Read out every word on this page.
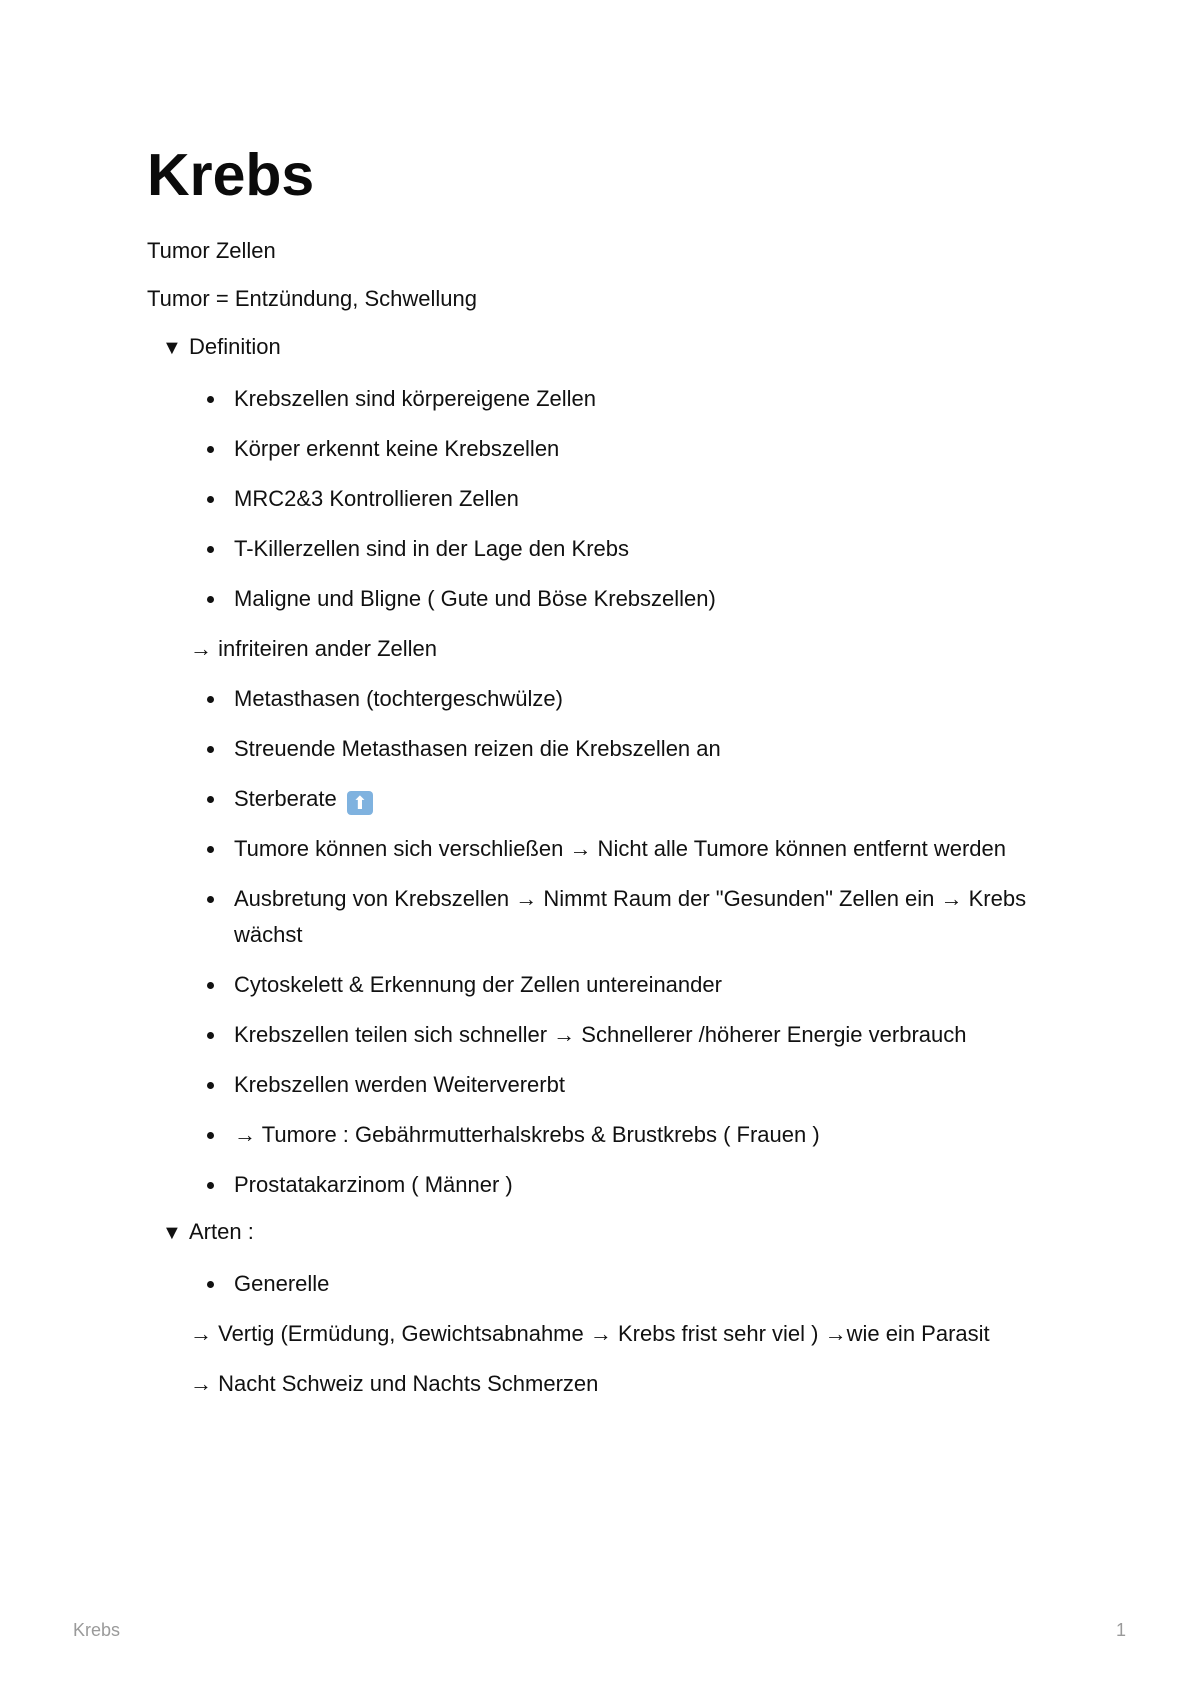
Krebs

Tumor Zellen

Tumor = Entzündung, Schwellung

▼ Definition
Krebszellen sind körpereigene Zellen
Körper erkennt keine Krebszellen
MRC2&3 Kontrollieren Zellen
T-Killerzellen sind in der Lage den Krebs
Maligne und Bligne ( Gute und Böse Krebszellen)

→ infriteiren ander Zellen

Metasthasen (tochtergeschwülze)
Streuende Metasthasen reizen die Krebszellen an
Sterberate ⬆
Tumore können sich verschließen → Nicht alle Tumore können entfernt werden
Ausbretung von Krebszellen → Nimmt Raum der "Gesunden" Zellen ein → Krebs wächst
Cytoskelett & Erkennung der Zellen untereinander
Krebszellen teilen sich schneller → Schnellerer /höherer Energie verbrauch
Krebszellen werden Weitervererbt
→ Tumore : Gebährmutterhalskrebs & Brustkrebs ( Frauen )
Prostatakarzinom ( Männer )
▼ Arten :
Generelle

→ Vertig (Ermüdung, Gewichtsabnahme → Krebs frist sehr viel ) →wie ein Parasit

→ Nacht Schweiz und Nachts Schmerzen

Krebs	1
